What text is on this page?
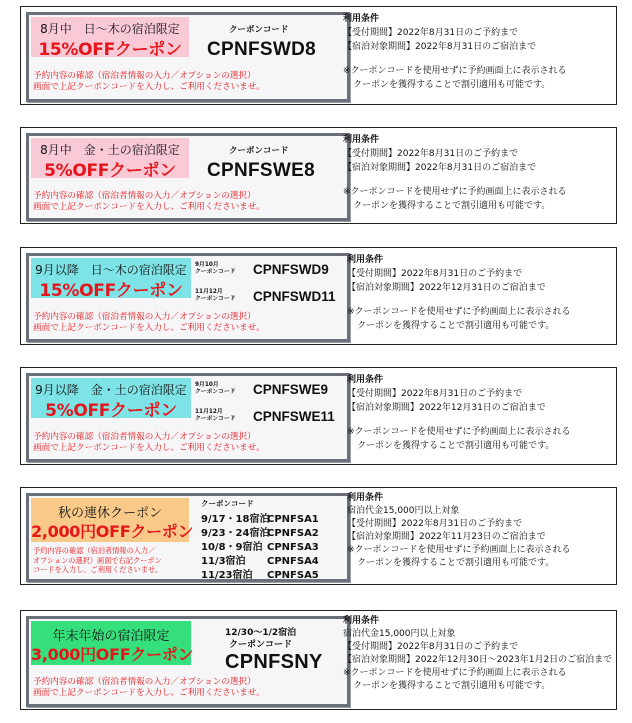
8月中　日～木の宿泊限定
15%OFFクーポン
クーポンコード
CPNFSWD8
予約内容の確認（宿泊者情報の入力／オプションの選択）
画面で上記クーポンコードを入力し、ご利用くださいませ。
利用条件
【受付期間】2022年8月31日のご予約まで
【宿泊対象期間】2022年8月31日のご宿泊まで
※クーポンコードを使用せずに予約画面上に表示される
クーポンを獲得することで割引適用も可能です。
8月中　金・土の宿泊限定
5%OFFクーポン
クーポンコード
CPNFSWE8
予約内容の確認（宿泊者情報の入力／オプションの選択）
画面で上記クーポンコードを入力し、ご利用くださいませ。
利用条件
【受付期間】2022年8月31日のご予約まで
【宿泊対象期間】2022年8月31日のご宿泊まで
※クーポンコードを使用せずに予約画面上に表示される
クーポンを獲得することで割引適用も可能です。
9月以降　日～木の宿泊限定
15%OFFクーポン
9月10月
クーポンコード CPNFSWD9
11月12月
クーポンコード CPNFSWD11
予約内容の確認（宿泊者情報の入力／オプションの選択）
画面で上記クーポンコードを入力し、ご利用くださいませ。
利用条件
【受付期間】2022年8月31日のご予約まで
【宿泊対象期間】2022年12月31日のご宿泊まで
※クーポンコードを使用せずに予約画面上に表示される
クーポンを獲得することで割引適用も可能です。
9月以降　金・土の宿泊限定
5%OFFクーポン
9月10月
クーポンコード CPNFSWE9
11月12月
クーポンコード CPNFSWE11
予約内容の確認（宿泊者情報の入力／オプションの選択）
画面で上記クーポンコードを入力し、ご利用くださいませ。
利用条件
【受付期間】2022年8月31日のご予約まで
【宿泊対象期間】2022年12月31日のご宿泊まで
※クーポンコードを使用せずに予約画面上に表示される
クーポンを獲得することで割引適用も可能です。
秋の連休クーポン
2,000円OFFクーポン
クーポンコード
9/17・18宿泊CPNFSA1
9/23・24宿泊CPNFSA2
10/8・9宿泊 CPNFSA3
11/3宿泊 CPNFSA4
11/23宿泊 CPNFSA5
予約内容の確認（宿泊者情報の入力／
オプションの選択）画面で右記クーポン
コードを入力し、ご利用くださいませ。
利用条件
宿泊代金15,000円以上対象
【受付期間】2022年8月31日のご予約まで
【宿泊対象期間】2022年11月23日のご宿泊まで
※クーポンコードを使用せずに予約画面上に表示される
クーポンを獲得することで割引適用も可能です。
年末年始の宿泊限定
3,000円OFFクーポン
12/30～1/2宿泊
クーポンコード
CPNFSNY
予約内容の確認（宿泊者情報の入力／オプションの選択）
画面で上記クーポンコードを入力し、ご利用くださいませ。
利用条件
宿泊代金15,000円以上対象
【受付期間】2022年8月31日のご予約まで
【宿泊対象期間】2022年12月30日～2023年1月2日のご宿泊まで
※クーポンコードを使用せずに予約画面上に表示される
クーポンを獲得することで割引適用も可能です。
